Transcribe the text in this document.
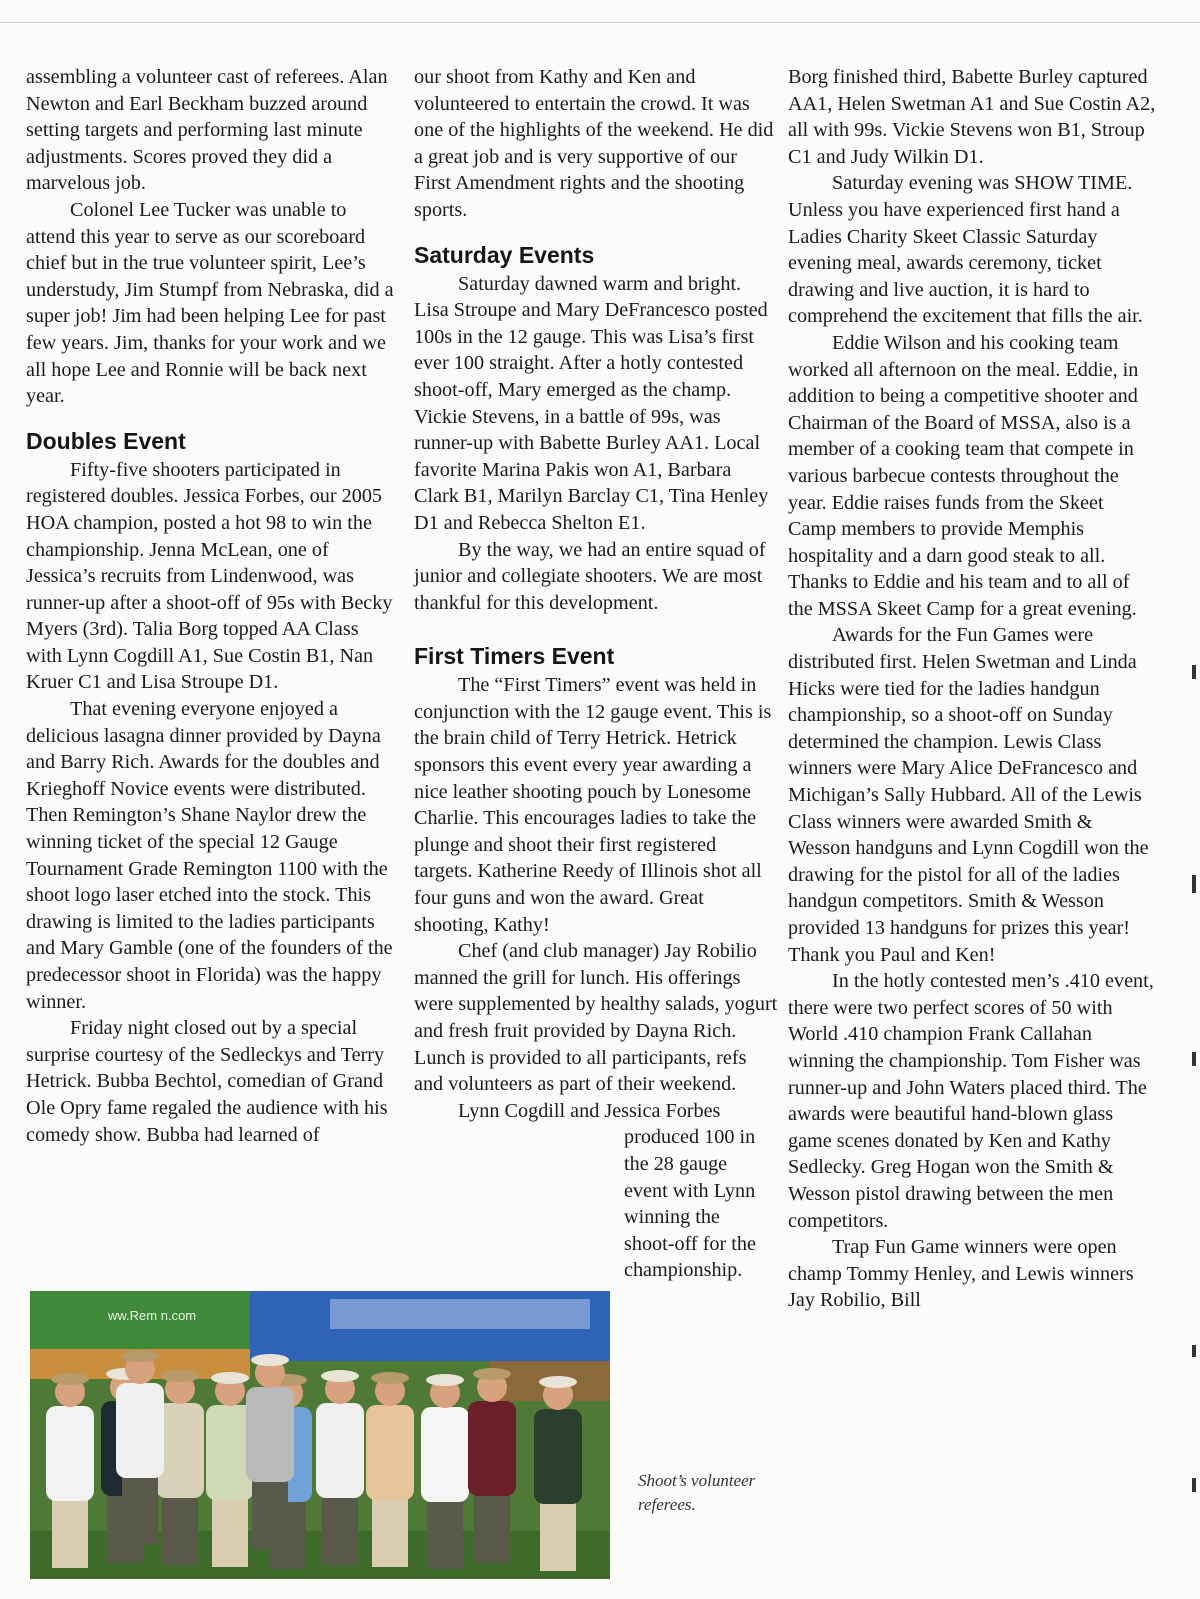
assembling a volunteer cast of referees. Alan Newton and Earl Beckham buzzed around setting targets and performing last minute adjustments. Scores proved they did a marvelous job.

Colonel Lee Tucker was unable to attend this year to serve as our scoreboard chief but in the true volunteer spirit, Lee’s understudy, Jim Stumpf from Nebraska, did a super job! Jim had been helping Lee for past few years. Jim, thanks for your work and we all hope Lee and Ronnie will be back next year.

Doubles Event

Fifty-five shooters participated in registered doubles. Jessica Forbes, our 2005 HOA champion, posted a hot 98 to win the championship. Jenna McLean, one of Jessica’s recruits from Lindenwood, was runner-up after a shoot-off of 95s with Becky Myers (3rd). Talia Borg topped AA Class with Lynn Cogdill A1, Sue Costin B1, Nan Kruer C1 and Lisa Stroupe D1.

That evening everyone enjoyed a delicious lasagna dinner provided by Dayna and Barry Rich. Awards for the doubles and Krieghoff Novice events were distributed. Then Remington’s Shane Naylor drew the winning ticket of the special 12 Gauge Tournament Grade Remington 1100 with the shoot logo laser etched into the stock. This drawing is limited to the ladies participants and Mary Gamble (one of the founders of the predecessor shoot in Florida) was the happy winner.

Friday night closed out by a special surprise courtesy of the Sedleckys and Terry Hetrick. Bubba Bechtol, comedian of Grand Ole Opry fame regaled the audience with his comedy show. Bubba had learned of

our shoot from Kathy and Ken and volunteered to entertain the crowd. It was one of the highlights of the weekend. He did a great job and is very supportive of our First Amendment rights and the shooting sports.

Saturday Events

Saturday dawned warm and bright. Lisa Stroupe and Mary DeFrancesco posted 100s in the 12 gauge. This was Lisa’s first ever 100 straight. After a hotly contested shoot-off, Mary emerged as the champ. Vickie Stevens, in a battle of 99s, was runner-up with Babette Burley AA1. Local favorite Marina Pakis won A1, Barbara Clark B1, Marilyn Barclay C1, Tina Henley D1 and Rebecca Shelton E1.

By the way, we had an entire squad of junior and collegiate shooters. We are most thankful for this development.

First Timers Event

The “First Timers” event was held in conjunction with the 12 gauge event. This is the brain child of Terry Hetrick. Hetrick sponsors this event every year awarding a nice leather shooting pouch by Lonesome Charlie. This encourages ladies to take the plunge and shoot their first registered targets. Katherine Reedy of Illinois shot all four guns and won the award. Great shooting, Kathy!

Chef (and club manager) Jay Robilio manned the grill for lunch. His offerings were supplemented by healthy salads, yogurt and fresh fruit provided by Dayna Rich. Lunch is provided to all participants, refs and volunteers as part of their weekend.

Lynn Cogdill and Jessica Forbes

produced 100 in the 28 gauge event with Lynn winning the shoot-off for the championship.

Borg finished third, Babette Burley captured AA1, Helen Swetman A1 and Sue Costin A2, all with 99s. Vickie Stevens won B1, Stroup C1 and Judy Wilkin D1.

Saturday evening was SHOW TIME. Unless you have experienced first hand a Ladies Charity Skeet Classic Saturday evening meal, awards ceremony, ticket drawing and live auction, it is hard to comprehend the excitement that fills the air.

Eddie Wilson and his cooking team worked all afternoon on the meal. Eddie, in addition to being a competitive shooter and Chairman of the Board of MSSA, also is a member of a cooking team that compete in various barbecue contests throughout the year. Eddie raises funds from the Skeet Camp members to provide Memphis hospitality and a darn good steak to all. Thanks to Eddie and his team and to all of the MSSA Skeet Camp for a great evening.

Awards for the Fun Games were distributed first. Helen Swetman and Linda Hicks were tied for the ladies handgun championship, so a shoot-off on Sunday determined the champion. Lewis Class winners were Mary Alice DeFrancesco and Michigan’s Sally Hubbard. All of the Lewis Class winners were awarded Smith & Wesson handguns and Lynn Cogdill won the drawing for the pistol for all of the ladies handgun competitors. Smith & Wesson provided 13 handguns for prizes this year! Thank you Paul and Ken!

In the hotly contested men’s .410 event, there were two perfect scores of 50 with World .410 champion Frank Callahan winning the championship. Tom Fisher was runner-up and John Waters placed third. The awards were beautiful hand-blown glass game scenes donated by Ken and Kathy Sedlecky. Greg Hogan won the Smith & Wesson pistol drawing between the men competitors.

Trap Fun Game winners were open champ Tommy Henley, and Lewis winners Jay Robilio, Bill

ww.Rem n.com
Shoot’s volunteer referees.
